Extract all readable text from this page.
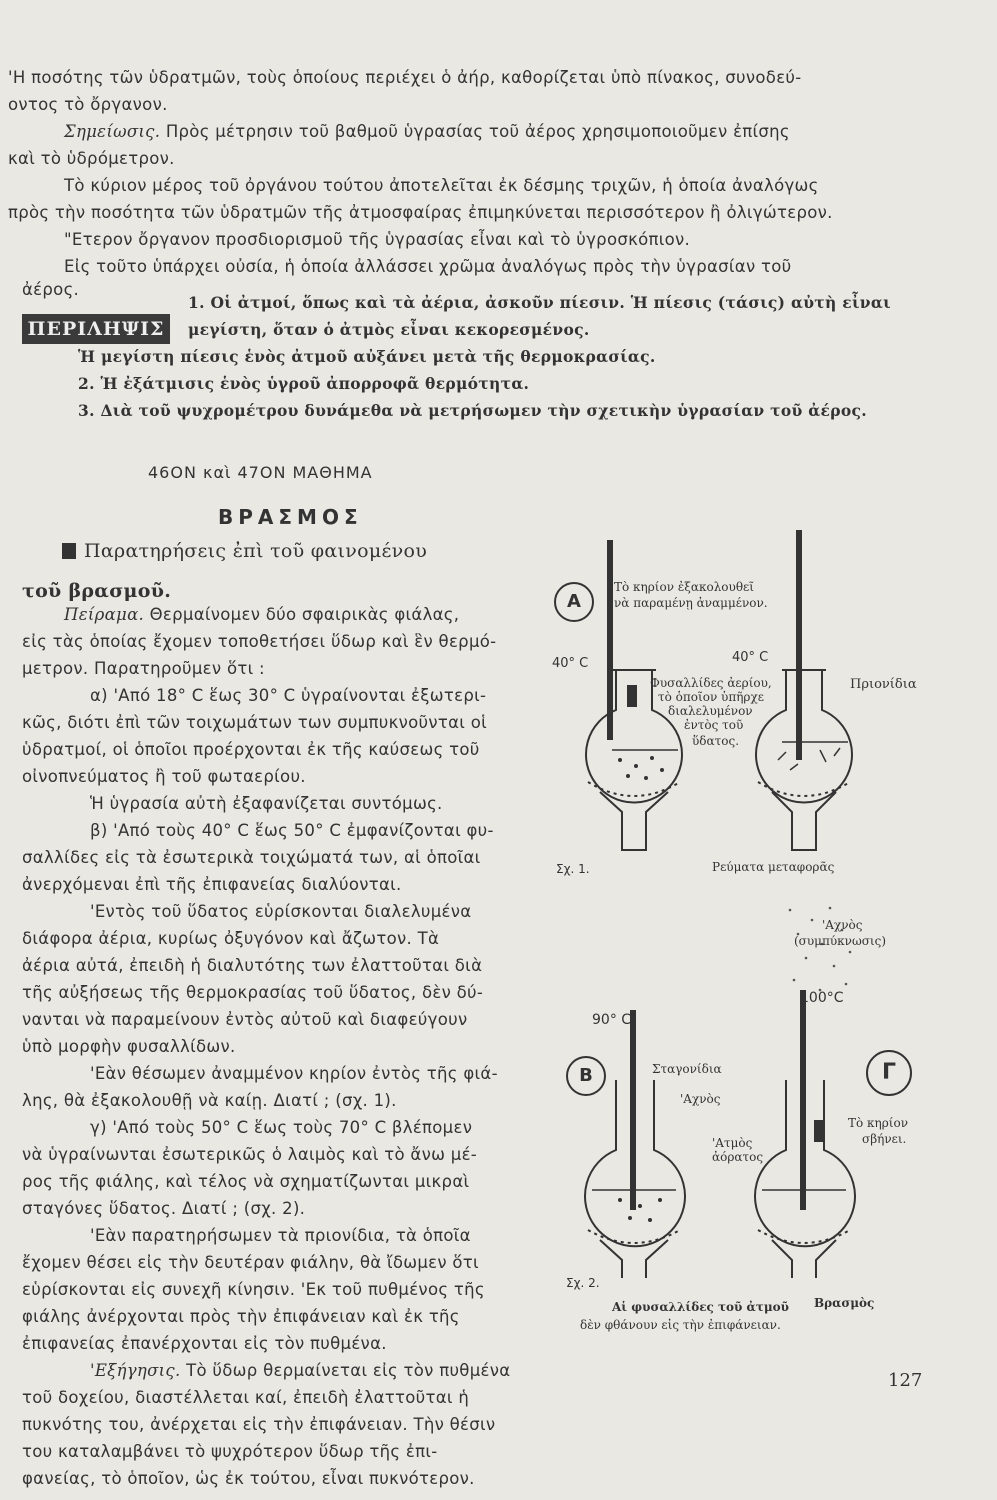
'Η ποσότης τῶν ὑδρατμῶν, τοὺς ὁποίους περιέχει ὁ ἀήρ, καθορίζεται ὑπὸ πίνακος, συνοδεύ-
οντος τὸ ὄργανον.
Σημείωσις. Πρὸς μέτρησιν τοῦ βαθμοῦ ὑγρασίας τοῦ ἀέρος χρησιμοποιοῦμεν ἐπίσης
καὶ τὸ ὑδρόμετρον.
Τὸ κύριον μέρος τοῦ ὀργάνου τούτου ἀποτελεῖται ἐκ δέσμης τριχῶν, ἡ ὁποία ἀναλόγως
πρὸς τὴν ποσότητα τῶν ὑδρατμῶν τῆς ἀτμοσφαίρας ἐπιμηκύνεται περισσότερον ἢ ὀλιγώτερον.
"Ετερον ὄργανον προσδιορισμοῦ τῆς ὑγρασίας εἶναι καὶ τὸ ὑγροσκόπιον.
Εἰς τοῦτο ὑπάρχει οὐσία, ἡ ὁποία ἀλλάσσει χρῶμα ἀναλόγως πρὸς τὴν ὑγρασίαν τοῦ
ἀέρος.
ΠΕΡΙΛΗΨΙΣ
1. Οἱ ἀτμοί, ὅπως καὶ τὰ ἀέρια, ἀσκοῦν πίεσιν. Ἡ πίεσις (τάσις) αὐτὴ εἶναι
μεγίστη, ὅταν ὁ ἀτμὸς εἶναι κεκορεσμένος.
Ἡ μεγίστη πίεσις ἑνὸς ἀτμοῦ αὐξάνει μετὰ τῆς θερμοκρασίας.
2. Ἡ ἐξάτμισις ἑνὸς ὑγροῦ ἀπορροφᾶ θερμότητα.
3. Διὰ τοῦ ψυχρομέτρου δυνάμεθα νὰ μετρήσωμεν τὴν σχετικὴν ὑγρασίαν τοῦ ἀέρος.
46ΟΝ καὶ 47ΟΝ ΜΑΘΗΜΑ
ΒΡΑΣΜΟΣ
Παρατηρήσεις ἐπὶ τοῦ φαινομένου
τοῦ βρασμοῦ.
Πείραμα. Θερμαίνομεν δύο σφαιρικὰς φιάλας,
εἰς τὰς ὁποίας ἔχομεν τοποθετήσει ὕδωρ καὶ ἓν θερμό-
μετρον. Παρατηροῦμεν ὅτι :
α) 'Από 18° C ἕως 30° C ὑγραίνονται ἐξωτερι-
κῶς, διότι ἐπὶ τῶν τοιχωμάτων των συμπυκνοῦνται οἱ
ὑδρατμοί, οἱ ὁποῖοι προέρχονται ἐκ τῆς καύσεως τοῦ
οἰνοπνεύματος ἢ τοῦ φωταερίου.
Ἡ ὑγρασία αὐτὴ ἐξαφανίζεται συντόμως.
β) 'Από τοὺς 40° C ἕως 50° C ἐμφανίζονται φυ-
σαλλίδες εἰς τὰ ἐσωτερικὰ τοιχώματά των, αἱ ὁποῖαι
ἀνερχόμεναι ἐπὶ τῆς ἐπιφανείας διαλύονται.
'Εντὸς τοῦ ὕδατος εὑρίσκονται διαλελυμένα
διάφορα ἀέρια, κυρίως ὀξυγόνον καὶ ἄζωτον. Τὰ
ἀέρια αὐτά, ἐπειδὴ ἡ διαλυτότης των ἐλαττοῦται διὰ
τῆς αὐξήσεως τῆς θερμοκρασίας τοῦ ὕδατος, δὲν δύ-
νανται νὰ παραμείνουν ἐντὸς αὐτοῦ καὶ διαφεύγουν
ὑπὸ μορφὴν φυσαλλίδων.
'Εὰν θέσωμεν ἀναμμένον κηρίον ἐντὸς τῆς φιά-
λης, θὰ ἐξακολουθῇ νὰ καίῃ. Διατί ; (σχ. 1).
γ) 'Από τοὺς 50° C ἕως τοὺς 70° C βλέπομεν
νὰ ὑγραίνωνται ἐσωτερικῶς ὁ λαιμὸς καὶ τὸ ἄνω μέ-
ρος τῆς φιάλης, καὶ τέλος νὰ σχηματίζωνται μικραὶ
σταγόνες ὕδατος. Διατί ; (σχ. 2).
'Εὰν παρατηρήσωμεν τὰ πριονίδια, τὰ ὁποῖα
ἔχομεν θέσει εἰς τὴν δευτέραν φιάλην, θὰ ἴδωμεν ὅτι
εὑρίσκονται εἰς συνεχῆ κίνησιν. 'Εκ τοῦ πυθμένος τῆς
φιάλης ἀνέρχονται πρὸς τὴν ἐπιφάνειαν καὶ ἐκ τῆς
ἐπιφανείας ἐπανέρχονται εἰς τὸν πυθμένα.
'Εξήγησις. Τὸ ὕδωρ θερμαίνεται εἰς τὸν πυθμένα
τοῦ δοχείου, διαστέλλεται καί, ἐπειδὴ ἐλαττοῦται ἡ
πυκνότης του, ἀνέρχεται εἰς τὴν ἐπιφάνειαν. Τὴν θέσιν
του καταλαμβάνει τὸ ψυχρότερον ὕδωρ τῆς ἐπι-
φανείας, τὸ ὁποῖον, ὡς ἐκ τούτου, εἶναι πυκνότερον.
A
Τὸ κηρίον ἐξακολουθεῖ
νὰ παραμένῃ ἀναμμένον.
40° C	40° C
Φυσαλλίδες ἀερίου,
τὸ ὁποῖον ὑπῆρχε
διαλελυμένον
ἐντὸς τοῦ
ὕδατος.
Πριονίδια
Σχ. 1.	Ρεύματα μεταφορᾶς
'Αχνὸς
(συμπύκνωσις)
100°C
90° C
B	Γ
Σταγονίδια
'Αχνὸς
Τὸ κηρίον
σβήνει.
'Ατμὸς
ἀόρατος
Σχ. 2.
Αἱ φυσαλλίδες τοῦ ἀτμοῦ
δὲν φθάνουν εἰς τὴν ἐπιφάνειαν.
Βρασμὸς
127
